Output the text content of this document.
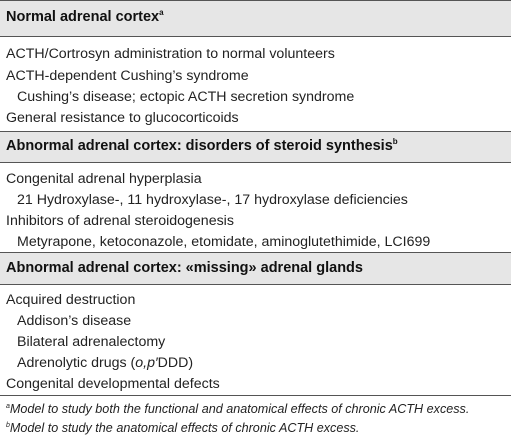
Normal adrenal cortex$^a$
ACTH/Cortrosyn administration to normal volunteers
ACTH-dependent Cushing’s syndrome
Cushing’s disease; ectopic ACTH secretion syndrome
General resistance to glucocorticoids
Abnormal adrenal cortex: disorders of steroid synthesis$^b$
Congenital adrenal hyperplasia
21 Hydroxylase-, 11 hydroxylase-, 17 hydroxylase deficiencies
Inhibitors of adrenal steroidogenesis
Metyrapone, ketoconazole, etomidate, aminoglutethimide, LCI699
Abnormal adrenal cortex: «missing» adrenal glands
Acquired destruction
Addison’s disease
Bilateral adrenalectomy
Adrenolytic drugs (o,p′DDD)
Congenital developmental defects
$^a$Model to study both the functional and anatomical effects of chronic ACTH excess.
$^b$Model to study the anatomical effects of chronic ACTH excess.
